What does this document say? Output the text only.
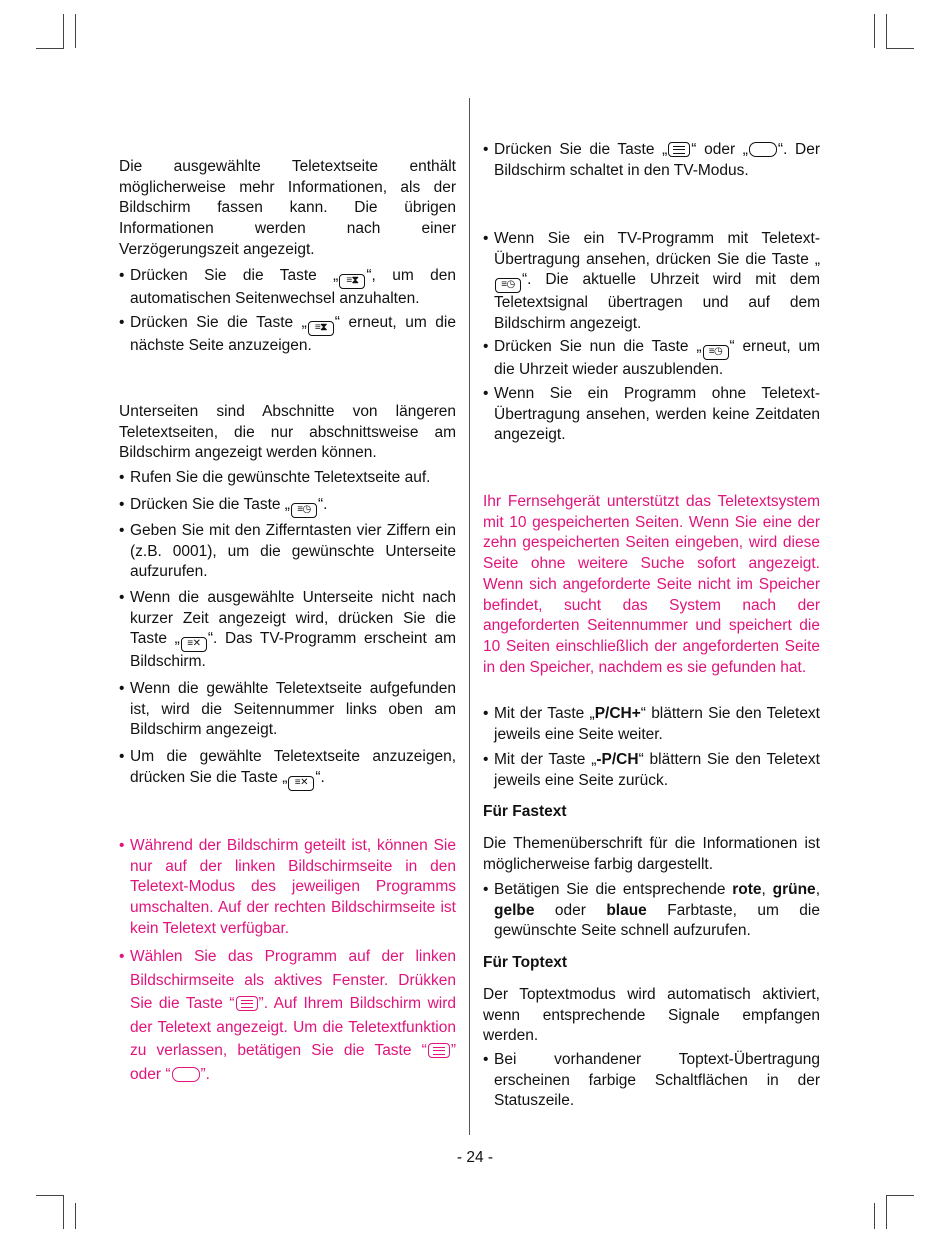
Die ausgewählte Teletextseite enthält möglicherweise mehr Informationen, als der Bildschirm fassen kann. Die übrigen Informationen werden nach einer Verzögerungszeit angezeigt.
• Drücken Sie die Taste „ ≡⧗ “, um den automatischen Seitenwechsel anzuhalten.
• Drücken Sie die Taste „ ≡⧗ “ erneut, um die nächste Seite anzuzeigen.
Unterseiten sind Abschnitte von längeren Teletextseiten, die nur abschnittsweise am Bildschirm angezeigt werden können.
• Rufen Sie die gewünschte Teletextseite auf.
• Drücken Sie die Taste „ ≡◷ “.
• Geben Sie mit den Zifferntasten vier Ziffern ein (z.B. 0001), um die gewünschte Unterseite aufzurufen.
• Wenn die ausgewählte Unterseite nicht nach kurzer Zeit angezeigt wird, drücken Sie die Taste „ ≡✕ “. Das TV-Programm erscheint am Bildschirm.
• Wenn die gewählte Teletextseite aufgefunden ist, wird die Seitennummer links oben am Bildschirm angezeigt.
• Um die gewählte Teletextseite anzuzeigen, drücken Sie die Taste „ ≡✕ “.
• Während der Bildschirm geteilt ist, können Sie nur auf der linken Bildschirmseite in den Teletext-Modus des jeweiligen Programms umschalten. Auf der rechten Bildschirmseite ist kein Teletext verfügbar.
• Wählen Sie das Programm auf der linken Bildschirmseite als aktives Fenster. Drükken Sie die Taste “ ”. Auf Ihrem Bildschirm wird der Teletext angezeigt. Um die Teletextfunktion zu verlassen, betätigen Sie die Taste “ ” oder “ ”.
• Drücken Sie die Taste „ “ oder „ “. Der Bildschirm schaltet in den TV-Modus.
• Wenn Sie ein TV-Programm mit Teletext-Übertragung ansehen, drücken Sie die Taste „≡◷ “. Die aktuelle Uhrzeit wird mit dem Teletextsignal übertragen und auf dem Bildschirm angezeigt.
• Drücken Sie nun die Taste „ ≡◷ “ erneut, um die Uhrzeit wieder auszublenden.
• Wenn Sie ein Programm ohne Teletext-Übertragung ansehen, werden keine Zeitdaten angezeigt.
Ihr Fernsehgerät unterstützt das Teletextsystem mit 10 gespeicherten Seiten. Wenn Sie eine der zehn gespeicherten Seiten eingeben, wird diese Seite ohne weitere Suche sofort angezeigt. Wenn sich angeforderte Seite nicht im Speicher befindet, sucht das System nach der angeforderten Seitennummer und speichert die 10 Seiten einschließlich der angeforderten Seite in den Speicher, nachdem es sie gefunden hat.
• Mit der Taste „P/CH+“ blättern Sie den Teletext jeweils eine Seite weiter.
• Mit der Taste „-P/CH“ blättern Sie den Teletext jeweils eine Seite zurück.
Für Fastext
Die Themenüberschrift für die Informationen ist möglicherweise farbig dargestellt.
• Betätigen Sie die entsprechende rote, grüne, gelbe oder blaue Farbtaste, um die gewünschte Seite schnell aufzurufen.
Für Toptext
Der Toptextmodus wird automatisch aktiviert, wenn entsprechende Signale empfangen werden.
• Bei vorhandener Toptext-Übertragung erscheinen farbige Schaltflächen in der Statuszeile.
- 24 -
